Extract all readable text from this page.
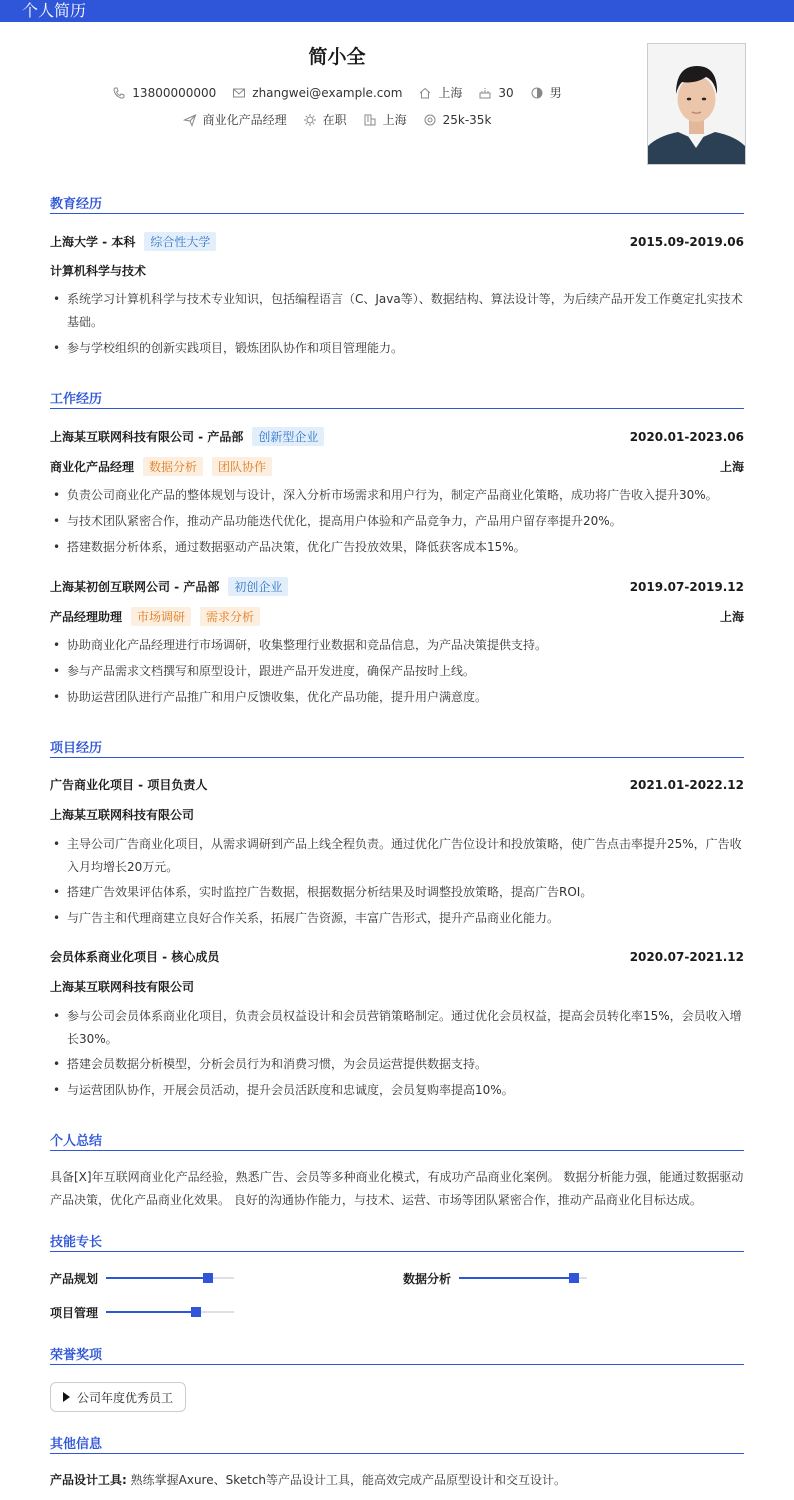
个人简历
简小全
13800000000	zhangwei@example.com	上海	30	男
商业化产品经理	在职	上海	25k-35k
教育经历
上海大学 - 本科	综合性大学	2015.09-2019.06
计算机科学与技术
• 系统学习计算机科学与技术专业知识，包括编程语言（C、Java等）、数据结构、算法设计等，为后续产品开发工作奠定扎实技术基础。
• 参与学校组织的创新实践项目，锻炼团队协作和项目管理能力。
工作经历
上海某互联网科技有限公司 - 产品部	创新型企业	2020.01-2023.06
商业化产品经理	数据分析	团队协作	上海
• 负责公司商业化产品的整体规划与设计，深入分析市场需求和用户行为，制定产品商业化策略，成功将广告收入提升30%。
• 与技术团队紧密合作，推动产品功能迭代优化，提高用户体验和产品竞争力，产品用户留存率提升20%。
• 搭建数据分析体系，通过数据驱动产品决策，优化广告投放效果，降低获客成本15%。
上海某初创互联网公司 - 产品部	初创企业	2019.07-2019.12
产品经理助理	市场调研	需求分析	上海
• 协助商业化产品经理进行市场调研，收集整理行业数据和竞品信息，为产品决策提供支持。
• 参与产品需求文档撰写和原型设计，跟进产品开发进度，确保产品按时上线。
• 协助运营团队进行产品推广和用户反馈收集，优化产品功能，提升用户满意度。
项目经历
广告商业化项目 - 项目负责人	2021.01-2022.12
上海某互联网科技有限公司
• 主导公司广告商业化项目，从需求调研到产品上线全程负责。通过优化广告位设计和投放策略，使广告点击率提升25%，广告收入月均增长20万元。
• 搭建广告效果评估体系，实时监控广告数据，根据数据分析结果及时调整投放策略，提高广告ROI。
• 与广告主和代理商建立良好合作关系，拓展广告资源，丰富广告形式，提升产品商业化能力。
会员体系商业化项目 - 核心成员	2020.07-2021.12
上海某互联网科技有限公司
• 参与公司会员体系商业化项目，负责会员权益设计和会员营销策略制定。通过优化会员权益，提高会员转化率15%，会员收入增长30%。
• 搭建会员数据分析模型，分析会员行为和消费习惯，为会员运营提供数据支持。
• 与运营团队协作，开展会员活动，提升会员活跃度和忠诚度，会员复购率提高10%。
个人总结
具备[X]年互联网商业化产品经验，熟悉广告、会员等多种商业化模式，有成功产品商业化案例。 数据分析能力强，能通过数据驱动产品决策，优化产品商业化效果。 良好的沟通协作能力，与技术、运营、市场等团队紧密合作，推动产品商业化目标达成。
技能专长
产品规划	数据分析
项目管理
荣誉奖项
公司年度优秀员工
其他信息
产品设计工具: 熟练掌握Axure、Sketch等产品设计工具，能高效完成产品原型设计和交互设计。
